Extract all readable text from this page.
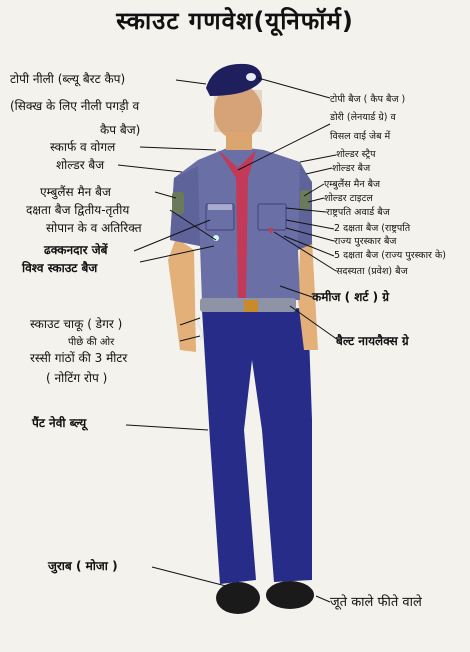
स्काउट गणवेश(यूनिफॉर्म)
टोपी नीली (ब्ल्यू बैरट कैप)
(सिक्ख के लिए नीली पगड़ी व
कैप बैज)
स्कार्फ व वोगल
शोल्डर बैज
एम्बुलैंस मैन बैज
दक्षता बैज द्वितीय-तृतीय
सोपान के व अतिरिक्त
ढक्कनदार जेबें
विश्व स्काउट बैज
स्काउट चाकू ( डेगर )
पीछे की ओर
रस्सी गांठों की 3 मीटर
( नोटिंग रोप )
पैंट नेवी ब्ल्यू
जुराब ( मोजा )
टोपी बैज ( कैप बैज )
डोरी (लेनयार्ड ग्रे) व
विसल वाई जेब में
शोल्डर स्ट्रैप
शोल्डर बैज
एम्बुलैंस मैन बैज
शोल्डर टाइटल
राष्ट्रपति अवार्ड बैज
2 दक्षता बैज (राष्ट्रपति
राज्य पुरस्कार बैज
5 दक्षता बैज (राज्य पुरस्कार के)
सदस्यता (प्रवेश) बैज
कमीज ( शर्ट ) ग्रे
बैल्ट नायलैक्स ग्रे
जूते काले फीते वाले
